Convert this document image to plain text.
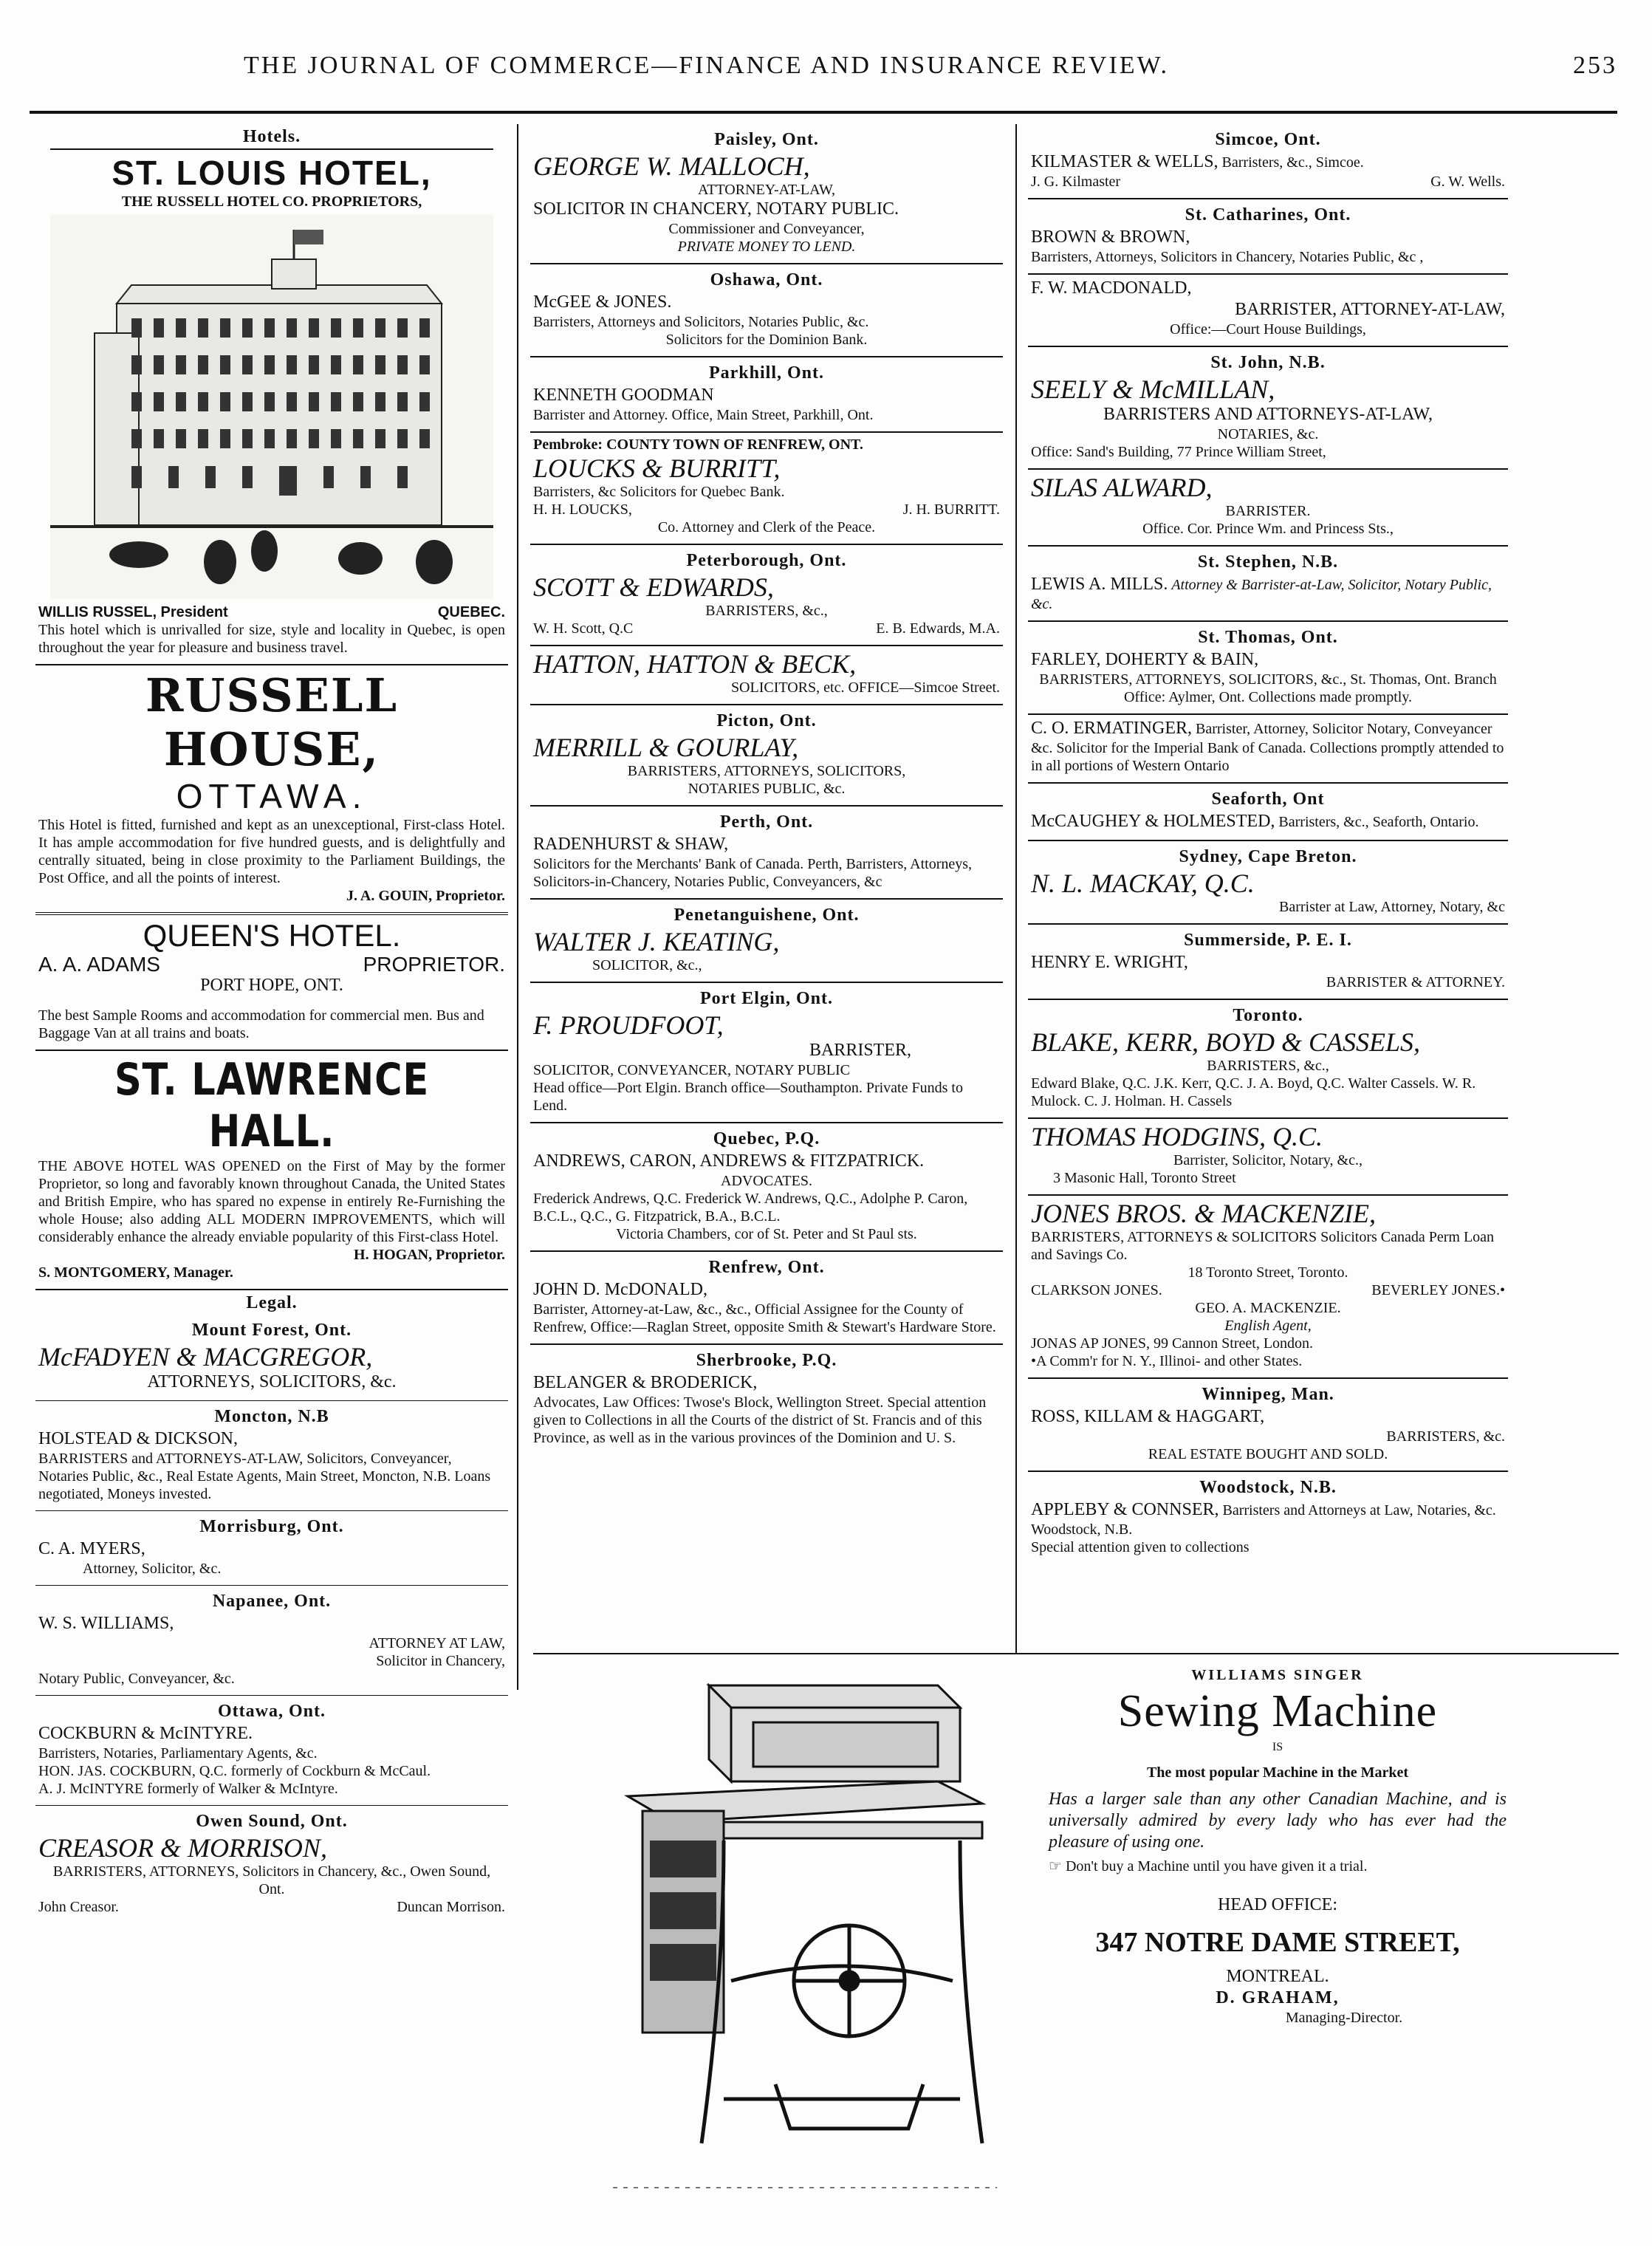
THE JOURNAL OF COMMERCE—FINANCE AND INSURANCE REVIEW.	253
Hotels.
ST. LOUIS HOTEL,
THE RUSSELL HOTEL CO. PROPRIETORS,
WILLIS RUSSEL, President	QUEBEC.
This hotel which is unrivalled for size, style and locality in Quebec, is open throughout the year for pleasure and business travel.
RUSSELL HOUSE,
OTTAWA.
This Hotel is fitted, furnished and kept as an unexceptional, First-class Hotel. It has ample accommodation for five hundred guests, and is delightfully and centrally situated, being in close proximity to the Parliament Buildings, the Post Office, and all the points of interest.
J. A. GOUIN, Proprietor.
QUEEN'S HOTEL.
A. A. ADAMS	PROPRIETOR.
PORT HOPE, ONT.
The best Sample Rooms and accommodation for commercial men. Bus and Baggage Van at all trains and boats.
ST. LAWRENCE HALL.
THE ABOVE HOTEL WAS OPENED on the First of May by the former Proprietor, so long and favorably known throughout Canada, the United States and British Empire, who has spared no expense in entirely Re-Furnishing the whole House; also adding ALL MODERN IMPROVEMENTS, which will considerably enhance the already enviable popularity of this First-class Hotel.
H. HOGAN, Proprietor.
S. MONTGOMERY, Manager.
Legal.
Mount Forest, Ont.
McFADYEN & MACGREGOR,
ATTORNEYS, SOLICITORS, &c.
Moncton, N.B
HOLSTEAD & DICKSON,
BARRISTERS and ATTORNEYS-AT-LAW, Solicitors, Conveyancer, Notaries Public, &c., Real Estate Agents, Main Street, Moncton, N.B. Loans negotiated, Moneys invested.
Morrisburg, Ont.
C. A. MYERS,
Attorney, Solicitor, &c.
Napanee, Ont.
W. S. WILLIAMS,
ATTORNEY AT LAW,
Solicitor in Chancery,
Notary Public, Conveyancer, &c.
Ottawa, Ont.
COCKBURN & McINTYRE.
Barristers, Notaries, Parliamentary Agents, &c.
HON. JAS. COCKBURN, Q.C. formerly of Cockburn & McCaul.
A. J. McINTYRE formerly of Walker & McIntyre.
Owen Sound, Ont.
CREASOR & MORRISON,
BARRISTERS, ATTORNEYS, Solicitors in Chancery, &c., Owen Sound, Ont.
John Creasor.	Duncan Morrison.
Paisley, Ont.
GEORGE W. MALLOCH,
ATTORNEY-AT-LAW,
SOLICITOR IN CHANCERY, NOTARY PUBLIC.
Commissioner and Conveyancer,
PRIVATE MONEY TO LEND.
Oshawa, Ont.
McGEE & JONES.
Barristers, Attorneys and Solicitors, Notaries Public, &c.
Solicitors for the Dominion Bank.
Parkhill, Ont.
KENNETH GOODMAN
Barrister and Attorney. Office, Main Street, Parkhill, Ont.
Pembroke: COUNTY TOWN OF RENFREW, ONT.
LOUCKS & BURRITT,
Barristers, &c Solicitors for Quebec Bank.
H. H. LOUCKS,	J. H. BURRITT.
Co. Attorney and Clerk of the Peace.
Peterborough, Ont.
SCOTT & EDWARDS,
BARRISTERS, &c.,
W. H. Scott, Q.C	E. B. Edwards, M.A.
HATTON, HATTON & BECK,
SOLICITORS, etc. OFFICE—Simcoe Street.
Picton, Ont.
MERRILL & GOURLAY,
BARRISTERS, ATTORNEYS, SOLICITORS,
NOTARIES PUBLIC, &c.
Perth, Ont.
RADENHURST & SHAW,
Solicitors for the Merchants' Bank of Canada. Perth, Barristers, Attorneys, Solicitors-in-Chancery, Notaries Public, Conveyancers, &c
Penetanguishene, Ont.
WALTER J. KEATING,
SOLICITOR, &c.,
Port Elgin, Ont.
F. PROUDFOOT,
BARRISTER,
SOLICITOR, CONVEYANCER, NOTARY PUBLIC
Head office—Port Elgin. Branch office—Southampton. Private Funds to Lend.
Quebec, P.Q.
ANDREWS, CARON, ANDREWS & FITZPATRICK.
ADVOCATES.
Frederick Andrews, Q.C. Frederick W. Andrews, Q.C., Adolphe P. Caron, B.C.L., Q.C., G. Fitzpatrick, B.A., B.C.L.
Victoria Chambers, cor of St. Peter and St Paul sts.
Renfrew, Ont.
JOHN D. McDONALD,
Barrister, Attorney-at-Law, &c., &c., Official Assignee for the County of Renfrew, Office:—Raglan Street, opposite Smith & Stewart's Hardware Store.
Sherbrooke, P.Q.
BELANGER & BRODERICK,
Advocates, Law Offices: Twose's Block, Wellington Street. Special attention given to Collections in all the Courts of the district of St. Francis and of this Province, as well as in the various provinces of the Dominion and U. S.
Simcoe, Ont.
KILMASTER & WELLS, Barristers, &c., Simcoe.
J. G. Kilmaster	G. W. Wells.
St. Catharines, Ont.
BROWN & BROWN,
Barristers, Attorneys, Solicitors in Chancery, Notaries Public, &c ,
F. W. MACDONALD,
BARRISTER, ATTORNEY-AT-LAW,
Office:—Court House Buildings,
St. John, N.B.
SEELY & McMILLAN,
BARRISTERS AND ATTORNEYS-AT-LAW,
NOTARIES, &c.
Office: Sand's Building, 77 Prince William Street,
SILAS ALWARD,
BARRISTER.
Office. Cor. Prince Wm. and Princess Sts.,
St. Stephen, N.B.
LEWIS A. MILLS. Attorney & Barrister-at-Law, Solicitor, Notary Public, &c.
St. Thomas, Ont.
FARLEY, DOHERTY & BAIN,
BARRISTERS, ATTORNEYS, SOLICITORS, &c., St. Thomas, Ont. Branch Office: Aylmer, Ont. Collections made promptly.
C. O. ERMATINGER, Barrister, Attorney, Solicitor Notary, Conveyancer &c. Solicitor for the Imperial Bank of Canada. Collections promptly attended to in all portions of Western Ontario
Seaforth, Ont
McCAUGHEY & HOLMESTED, Barristers, &c., Seaforth, Ontario.
Sydney, Cape Breton.
N. L. MACKAY, Q.C.
Barrister at Law, Attorney, Notary, &c
Summerside, P. E. I.
HENRY E. WRIGHT,
BARRISTER & ATTORNEY.
Toronto.
BLAKE, KERR, BOYD & CASSELS,
BARRISTERS, &c.,
Edward Blake, Q.C. J.K. Kerr, Q.C. J. A. Boyd, Q.C. Walter Cassels. W. R. Mulock. C. J. Holman. H. Cassels
THOMAS HODGINS, Q.C.
Barrister, Solicitor, Notary, &c.,
3 Masonic Hall, Toronto Street
JONES BROS. & MACKENZIE,
BARRISTERS, ATTORNEYS & SOLICITORS Solicitors Canada Perm Loan and Savings Co.
18 Toronto Street, Toronto.
CLARKSON JONES.	BEVERLEY JONES.•
GEO. A. MACKENZIE.
English Agent,
JONAS AP JONES, 99 Cannon Street, London.
•A Comm'r for N. Y., Illinoi- and other States.
Winnipeg, Man.
ROSS, KILLAM & HAGGART,
BARRISTERS, &c.
REAL ESTATE BOUGHT AND SOLD.
Woodstock, N.B.
APPLEBY & CONNSER, Barristers and Attorneys at Law, Notaries, &c. Woodstock, N.B.
Special attention given to collections
WILLIAMS SINGER
Sewing Machine
IS
The most popular Machine in the Market
Has a larger sale than any other Canadian Machine, and is universally admired by every lady who has ever had the pleasure of using one.
☞ Don't buy a Machine until you have given it a trial.
HEAD OFFICE:
347 NOTRE DAME STREET,
MONTREAL.
D. GRAHAM,
Managing-Director.
